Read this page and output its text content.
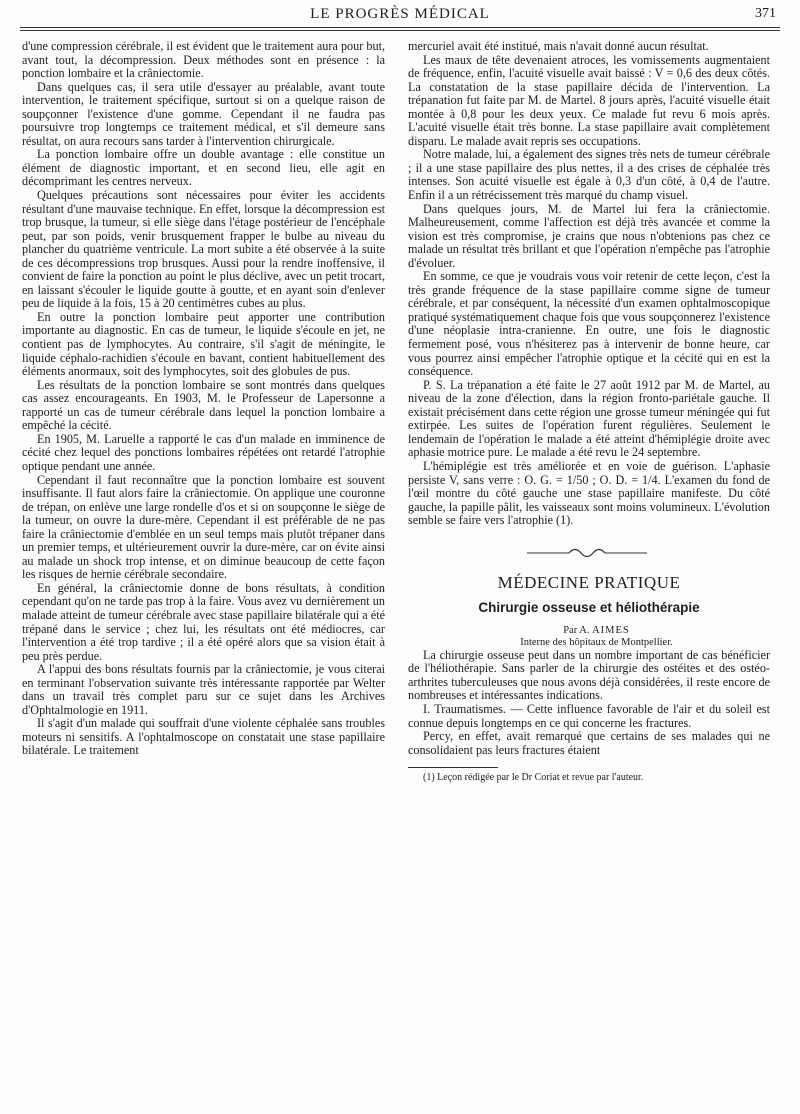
LE PROGRÈS MÉDICAL	371

d'une compression cérébrale, il est évident que le traitement aura pour but, avant tout, la décompression. Deux méthodes sont en présence : la ponction lombaire et la crâniectomie.

Dans quelques cas, il sera utile d'essayer au préalable, avant toute intervention, le traitement spécifique, surtout si on a quelque raison de soupçonner l'existence d'une gomme. Cependant il ne faudra pas poursuivre trop longtemps ce traitement médical, et s'il demeure sans résultat, on aura recours sans tarder à l'intervention chirurgicale.

La ponction lombaire offre un double avantage : elle constitue un élément de diagnostic important, et en second lieu, elle agit en décomprimant les centres nerveux.

Quelques précautions sont nécessaires pour éviter les accidents résultant d'une mauvaise technique. En effet, lorsque la décompression est trop brusque, la tumeur, si elle siège dans l'étage postérieur de l'encéphale peut, par son poids, venir brusquement frapper le bulbe au niveau du plancher du quatrième ventricule. La mort subite a été observée à la suite de ces décompressions trop brusques. Aussi pour la rendre inoffensive, il convient de faire la ponction au point le plus déclive, avec un petit trocart, en laissant s'écouler le liquide goutte à goutte, et en ayant soin d'enlever peu de liquide à la fois, 15 à 20 centimètres cubes au plus.

En outre la ponction lombaire peut apporter une contribution importante au diagnostic. En cas de tumeur, le liquide s'écoule en jet, ne contient pas de lymphocytes. Au contraire, s'il s'agit de méningite, le liquide céphalo-rachidien s'écoule en bavant, contient habituellement des éléments anormaux, soit des lymphocytes, soit des globules de pus.

Les résultats de la ponction lombaire se sont montrés dans quelques cas assez encourageants. En 1903, M. le Professeur de Lapersonne a rapporté un cas de tumeur cérébrale dans lequel la ponction lombaire a empêché la cécité.

En 1905, M. Laruelle a rapporté le cas d'un malade en imminence de cécité chez lequel des ponctions lombaires répétées ont retardé l'atrophie optique pendant une année.

Cependant il faut reconnaître que la ponction lombaire est souvent insuffisante. Il faut alors faire la crâniectomie. On applique une couronne de trépan, on enlève une large rondelle d'os et si on soupçonne le siège de la tumeur, on ouvre la dure-mère. Cependant il est préférable de ne pas faire la crâniectomie d'emblée en un seul temps mais plutôt trépaner dans un premier temps, et ultérieurement ouvrir la dure-mère, car on évite ainsi au malade un shock trop intense, et on diminue beaucoup de cette façon les risques de hernie cérébrale secondaire.

En général, la crâniectomie donne de bons résultats, à condition cependant qu'on ne tarde pas trop à la faire. Vous avez vu dernièrement un malade atteint de tumeur cérébrale avec stase papillaire bilatérale qui a été trépané dans le service ; chez lui, les résultats ont été médiocres, car l'intervention a été trop tardive ; il a été opéré alors que sa vision était à peu près perdue.

A l'appui des bons résultats fournis par la crâniectomie, je vous citerai en terminant l'observation suivante très intéressante rapportée par Welter dans un travail très complet paru sur ce sujet dans les Archives d'Ophtalmologie en 1911.

Il s'agit d'un malade qui souffrait d'une violente céphalée sans troubles moteurs ni sensitifs. A l'ophtalmoscope on constatait une stase papillaire bilatérale. Le traitement

mercuriel avait été institué, mais n'avait donné aucun résultat.

Les maux de tête devenaient atroces, les vomissements augmentaient de fréquence, enfin, l'acuité visuelle avait baissé : V = 0,6 des deux côtés. La constatation de la stase papillaire décida de l'intervention. La trépanation fut faite par M. de Martel. 8 jours après, l'acuité visuelle était montée à 0,8 pour les deux yeux. Ce malade fut revu 6 mois après. L'acuité visuelle était très bonne. La stase papillaire avait complètement disparu. Le malade avait repris ses occupations.

Notre malade, lui, a également des signes très nets de tumeur cérébrale ; il a une stase papillaire des plus nettes, il a des crises de céphalée très intenses. Son acuité visuelle est égale à 0,3 d'un côté, à 0,4 de l'autre. Enfin il a un rétrécissement très marqué du champ visuel.

Dans quelques jours, M. de Martel lui fera la crâniectomie. Malheureusement, comme l'affection est déjà très avancée et comme la vision est très compromise, je crains que nous n'obtenions pas chez ce malade un résultat très brillant et que l'opération n'empêche pas l'atrophie d'évoluer.

En somme, ce que je voudrais vous voir retenir de cette leçon, c'est la très grande fréquence de la stase papillaire comme signe de tumeur cérébrale, et par conséquent, la nécessité d'un examen ophtalmoscopique pratiqué systématiquement chaque fois que vous soupçonnerez l'existence d'une néoplasie intra-cranienne. En outre, une fois le diagnostic fermement posé, vous n'hésiterez pas à intervenir de bonne heure, car vous pourrez ainsi empêcher l'atrophie optique et la cécité qui en est la conséquence.

P. S. La trépanation a été faite le 27 août 1912 par M. de Martel, au niveau de la zone d'élection, dans la région fronto-pariétale gauche. Il existait précisément dans cette région une grosse tumeur méningée qui fut extirpée. Les suites de l'opération furent régulières. Seulement le lendemain de l'opération le malade a été atteint d'hémiplégie droite avec aphasie motrice pure. Le malade a été revu le 24 septembre.

L'hémiplégie est très améliorée et en voie de guérison. L'aphasie persiste V, sans verre : O. G. = 1/50 ; O. D. = 1/4. L'examen du fond de l'œil montre du côté gauche une stase papillaire manifeste. Du côté gauche, la papille pâlit, les vaisseaux sont moins volumineux. L'évolution semble se faire vers l'atrophie (1).

MÉDECINE PRATIQUE
Chirurgie osseuse et héliothérapie

Par A. AIMES

Interne des hôpitaux de Montpellier.

La chirurgie osseuse peut dans un nombre important de cas bénéficier de l'héliothérapie. Sans parler de la chirurgie des ostéites et des ostéo-arthrites tuberculeuses que nous avons déjà considérées, il reste encore de nombreuses et intéressantes indications.

I. Traumatismes. — Cette influence favorable de l'air et du soleil est connue depuis longtemps en ce qui concerne les fractures.

Percy, en effet, avait remarqué que certains de ses malades qui ne consolidaient pas leurs fractures étaient

(1) Leçon rédigée par le Dr Coriat et revue par l'auteur.
